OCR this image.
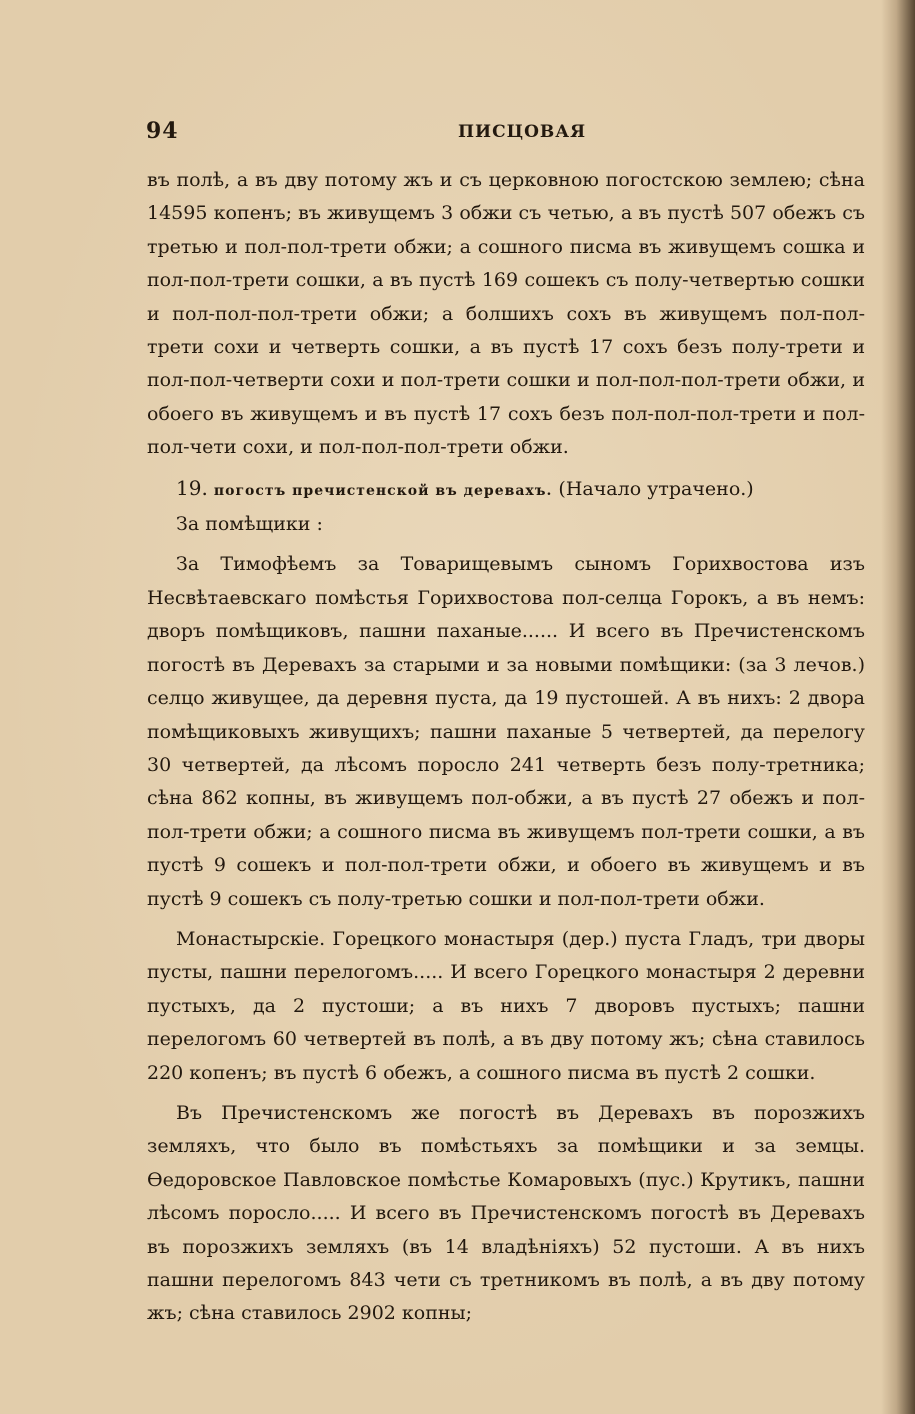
94	ПИСЦОВАЯ

въ полѣ, а въ дву потому жъ и съ церковною погостскою землею; сѣна 14595 копенъ; въ живущемъ 3 обжи съ четью, а въ пустѣ 507 обежъ съ третью и пол-пол-трети обжи; а сошного писма въ живущемъ сошка и пол-пол-трети сошки, а въ пустѣ 169 сошекъ съ полу-четвертью сошки и пол-пол-пол-трети обжи; а болшихъ сохъ въ живущемъ пол-пол-трети сохи и четверть сошки, а въ пустѣ 17 сохъ безъ полу-трети и пол-пол-четверти сохи и пол-трети сошки и пол-пол-пол-трети обжи, и обоего въ живущемъ и въ пустѣ 17 сохъ безъ пол-пол-пол-трети и пол-пол-чети сохи, и пол-пол-пол-трети обжи.

19. погостъ пречистенской въ деревахъ. (Начало утрачено.)

За помѣщики :

За Тимофѣемъ за Товарищевымъ сыномъ Горихвостова изъ Несвѣтаевскаго помѣстья Горихвостова пол-селца Горокъ, а въ немъ: дворъ помѣщиковъ, пашни паханые...... И всего въ Пречистенскомъ погостѣ въ Деревахъ за старыми и за новыми помѣщики: (за 3 лечов.) селцо живущее, да деревня пуста, да 19 пустошей. А въ нихъ: 2 двора помѣщиковыхъ живущихъ; пашни паханые 5 четвертей, да перелогу 30 четвертей, да лѣсомъ поросло 241 четверть безъ полу-третника; сѣна 862 копны, въ живущемъ пол-обжи, а въ пустѣ 27 обежъ и пол-пол-трети обжи; а сошного писма въ живущемъ пол-трети сошки, а въ пустѣ 9 сошекъ и пол-пол-трети обжи, и обоего въ живущемъ и въ пустѣ 9 сошекъ съ полу-третью сошки и пол-пол-трети обжи.

Монастырскіе. Горецкого монастыря (дер.) пуста Гладъ, три дворы пусты, пашни перелогомъ..... И всего Горецкого монастыря 2 деревни пустыхъ, да 2 пустоши; а въ нихъ 7 дворовъ пустыхъ; пашни перелогомъ 60 четвертей въ полѣ, а въ дву потому жъ; сѣна ставилось 220 копенъ; въ пустѣ 6 обежъ, а сошного писма въ пустѣ 2 сошки.

Въ Пречистенскомъ же погостѣ въ Деревахъ въ порозжихъ земляхъ, что было въ помѣстьяхъ за помѣщики и за земцы. Өедоровское Павловское помѣстье Комаровыхъ (пус.) Крутикъ, пашни лѣсомъ поросло..... И всего въ Пречистенскомъ погостѣ въ Деревахъ въ порозжихъ земляхъ (въ 14 владѣніяхъ) 52 пустоши. А въ нихъ пашни перелогомъ 843 чети съ третникомъ въ полѣ, а въ дву потому жъ; сѣна ставилось 2902 копны;
